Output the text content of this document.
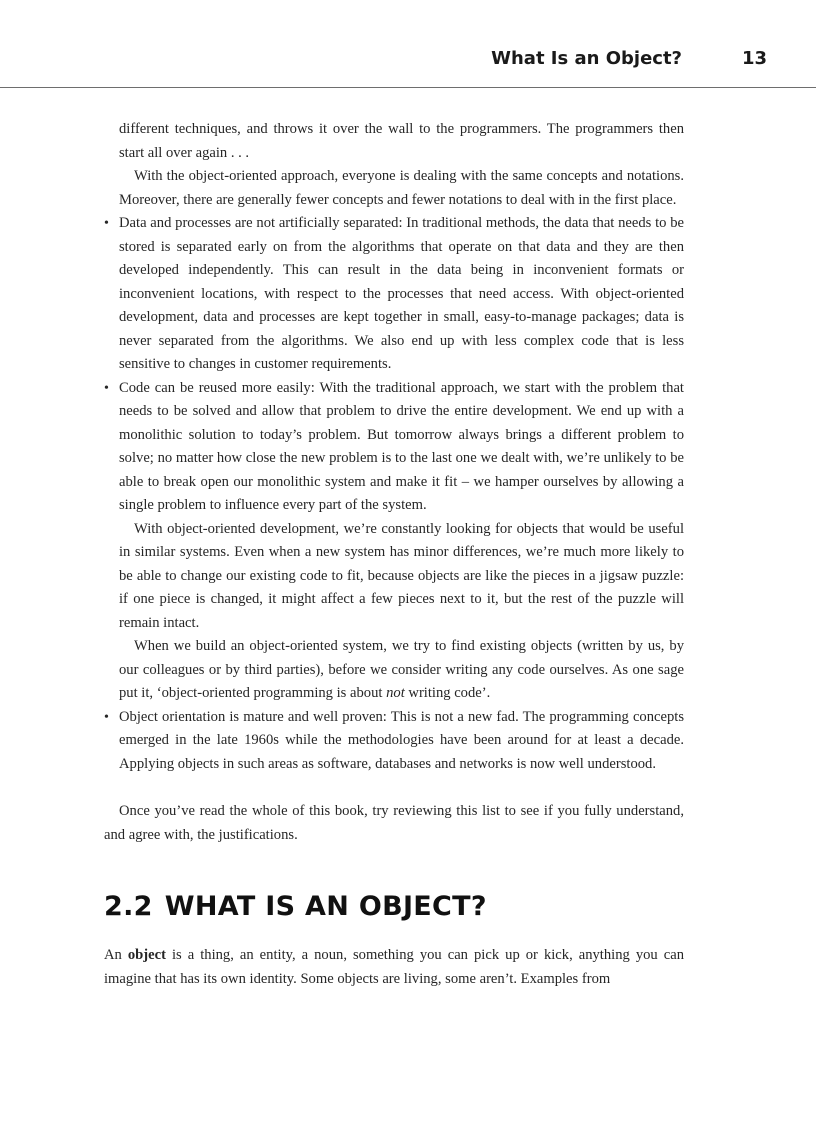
What Is an Object?	13

different techniques, and throws it over the wall to the programmers. The programmers then start all over again . . .

With the object-oriented approach, everyone is dealing with the same concepts and notations. Moreover, there are generally fewer concepts and fewer notations to deal with in the first place.

• Data and processes are not artificially separated: In traditional methods, the data that needs to be stored is separated early on from the algorithms that operate on that data and they are then developed independently. This can result in the data being in inconvenient formats or inconvenient locations, with respect to the processes that need access. With object-oriented development, data and processes are kept together in small, easy-to-manage packages; data is never separated from the algorithms. We also end up with less complex code that is less sensitive to changes in customer requirements.

• Code can be reused more easily: With the traditional approach, we start with the problem that needs to be solved and allow that problem to drive the entire development. We end up with a monolithic solution to today’s problem. But tomorrow always brings a different problem to solve; no matter how close the new problem is to the last one we dealt with, we’re unlikely to be able to break open our monolithic system and make it fit – we hamper ourselves by allowing a single problem to influence every part of the system.

With object-oriented development, we’re constantly looking for objects that would be useful in similar systems. Even when a new system has minor differences, we’re much more likely to be able to change our existing code to fit, because objects are like the pieces in a jigsaw puzzle: if one piece is changed, it might affect a few pieces next to it, but the rest of the puzzle will remain intact.

When we build an object-oriented system, we try to find existing objects (written by us, by our colleagues or by third parties), before we consider writing any code ourselves. As one sage put it, ‘object-oriented programming is about not writing code’.

• Object orientation is mature and well proven: This is not a new fad. The programming concepts emerged in the late 1960s while the methodologies have been around for at least a decade. Applying objects in such areas as software, databases and networks is now well understood.

Once you’ve read the whole of this book, try reviewing this list to see if you fully understand, and agree with, the justifications.

2.2 WHAT IS AN OBJECT?

An object is a thing, an entity, a noun, something you can pick up or kick, anything you can imagine that has its own identity. Some objects are living, some aren’t. Examples from
